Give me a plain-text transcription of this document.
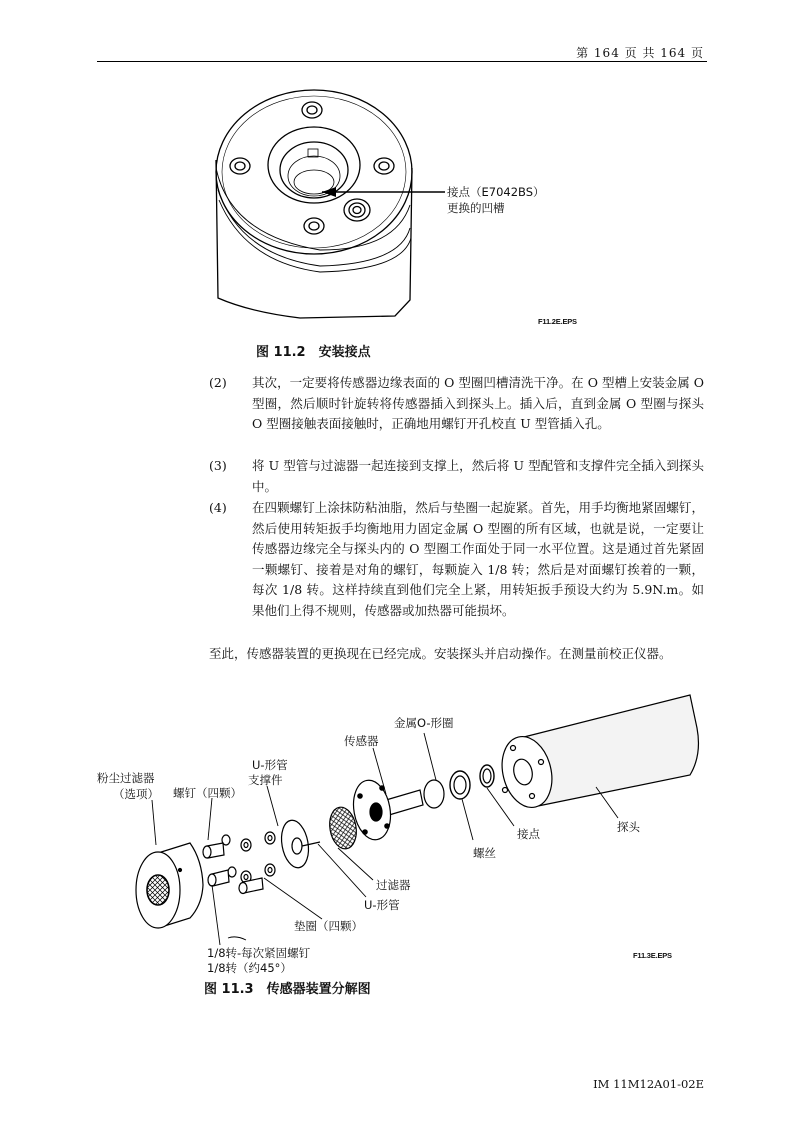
第 164 页 共 164 页
接点（E7042BS）
更换的凹槽
F11.2E.EPS
图 11.2　安装接点
(2) 其次，一定要将传感器边缘表面的 O 型圈凹槽清洗干净。在 O 型槽上安装金属 O 型圈，然后顺时针旋转将传感器插入到探头上。插入后，直到金属 O 型圈与探头 O 型圈接触表面接触时，正确地用螺钉开孔校直 U 型管插入孔。
(3) 将 U 型管与过滤器一起连接到支撑上，然后将 U 型配管和支撑件完全插入到探头中。
(4) 在四颗螺钉上涂抹防粘油脂，然后与垫圈一起旋紧。首先，用手均衡地紧固螺钉，然后使用转矩扳手均衡地用力固定金属 O 型圈的所有区域，也就是说，一定要让传感器边缘完全与探头内的 O 型圈工作面处于同一水平位置。这是通过首先紧固一颗螺钉、接着是对角的螺钉，每颗旋入 1/8 转；然后是对面螺钉挨着的一颗，每次 1/8 转。这样持续直到他们完全上紧，用转矩扳手预设大约为 5.9N.m。如果他们上得不规则，传感器或加热器可能损坏。
至此，传感器装置的更换现在已经完成。安装探头并启动操作。在测量前校正仪器。
金属O-形圈
传感器
U-形管
支撑件
粉尘过滤器
（选项） 螺钉（四颗）
接点	探头
螺丝
过滤器
U-形管
垫圈（四颗）
1/8转-每次紧固螺钉
1/8转（约45°）
F11.3E.EPS
图 11.3　传感器装置分解图
IM 11M12A01-02E
